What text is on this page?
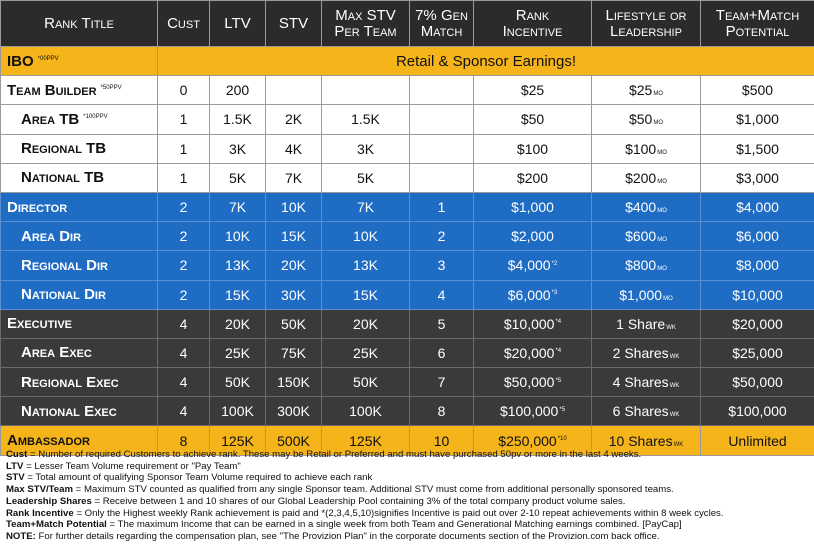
Rank Title	Cust	LTV	STV	Max STV
Per Team	7% Gen
Match	Rank
Incentive	Lifestyle or
Leadership	Team+Match
Potential
IBO $^{*00PPV}$	Retail & Sponsor Earnings!							
Team Builder $^{*50PPV}$	0	200				$25	$25MO	$500
Area TB $^{*100PPV}$	1	1.5K	2K	1.5K		$50	$50MO	$1,000
Regional TB	1	3K	4K	3K		$100	$100MO	$1,500
National TB	1	5K	7K	5K		$200	$200MO	$3,000
Director	2	7K	10K	7K	1	$1,000	$400MO	$4,000
Area Dir	2	10K	15K	10K	2	$2,000	$600MO	$6,000
Regional Dir	2	13K	20K	13K	3	$4,000$^{*2}$	$800MO	$8,000
National Dir	2	15K	30K	15K	4	$6,000$^{*3}$	$1,000MO	$10,000
Executive	4	20K	50K	20K	5	$10,000$^{*4}$	1 ShareWK	$20,000
Area Exec	4	25K	75K	25K	6	$20,000$^{*4}$	2 SharesWK	$25,000
Regional Exec	4	50K	150K	50K	7	$50,000$^{*5}$	4 SharesWK	$50,000
National Exec	4	100K	300K	100K	8	$100,000$^{*5}$	6 SharesWK	$100,000
Ambassador	8	125K	500K	125K	10	$250,000$^{*10}$	10 SharesWK	Unlimited

Cust = Number of required Customers to achieve rank. These may be Retail or Preferred and must have purchased 50pv or more in the last 4 weeks.

LTV = Lesser Team Volume requirement or "Pay Team"

STV = Total amount of qualifying Sponsor Team Volume required to achieve each rank

Max STV/Team = Maximum STV counted as qualified from any single Sponsor team. Additional STV must come from additional personally sponsored teams.

Leadership Shares = Receive between 1 and 10 shares of our Global Leadership Pool containing 3% of the total company product volume sales.

Rank Incentive = Only the Highest weekly Rank achievement is paid and *(2,3,4,5,10)signifies Incentive is paid out over 2-10 repeat achievements within 8 week cycles.

Team+Match Potential = The maximum Income that can be earned in a single week from both Team and Generational Matching earnings combined. [PayCap]

NOTE: For further details regarding the compensation plan, see "The Provizion Plan" in the corporate documents section of the Provizion.com back office.
